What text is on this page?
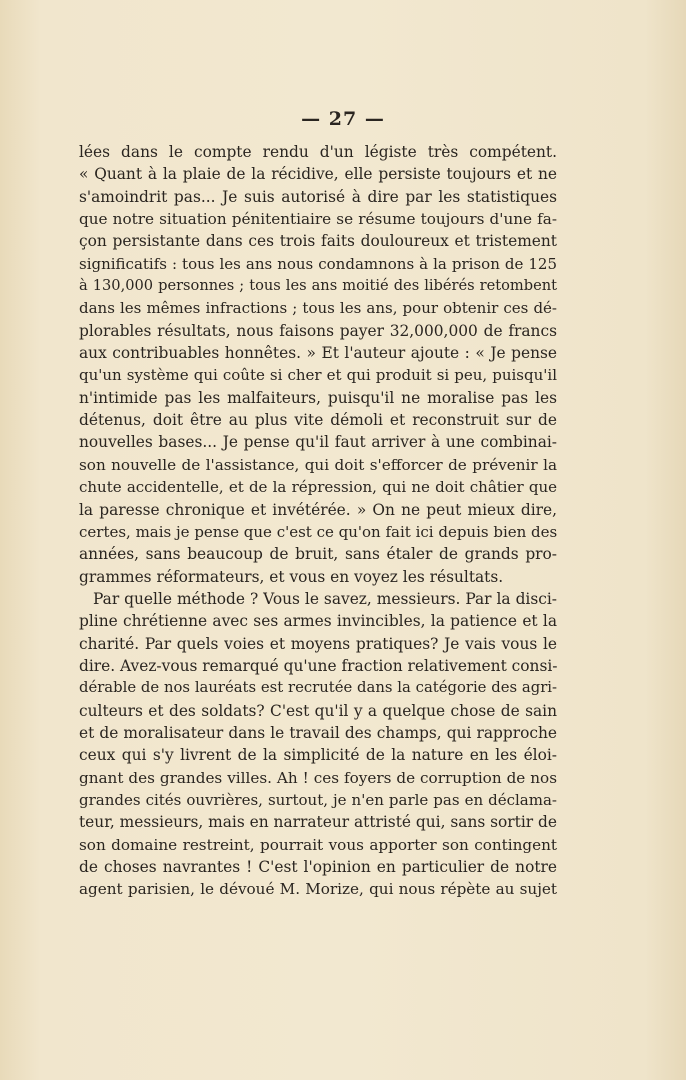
— 27 —
lées dans le compte rendu d'un légiste très compétent.
« Quant à la plaie de la récidive, elle persiste toujours et ne
s'amoindrit pas... Je suis autorisé à dire par les statistiques
que notre situation pénitentiaire se résume toujours d'une fa-
çon persistante dans ces trois faits douloureux et tristement
significatifs : tous les ans nous condamnons à la prison de 125
à 130,000 personnes ; tous les ans moitié des libérés retombent
dans les mêmes infractions ; tous les ans, pour obtenir ces dé-
plorables résultats, nous faisons payer 32,000,000 de francs
aux contribuables honnêtes. » Et l'auteur ajoute : « Je pense
qu'un système qui coûte si cher et qui produit si peu, puisqu'il
n'intimide pas les malfaiteurs, puisqu'il ne moralise pas les
détenus, doit être au plus vite démoli et reconstruit sur de
nouvelles bases... Je pense qu'il faut arriver à une combinai-
son nouvelle de l'assistance, qui doit s'efforcer de prévenir la
chute accidentelle, et de la répression, qui ne doit châtier que
la paresse chronique et invétérée. » On ne peut mieux dire,
certes, mais je pense que c'est ce qu'on fait ici depuis bien des
années, sans beaucoup de bruit, sans étaler de grands pro-
grammes réformateurs, et vous en voyez les résultats.
Par quelle méthode ? Vous le savez, messieurs. Par la disci-
pline chrétienne avec ses armes invincibles, la patience et la
charité. Par quels voies et moyens pratiques? Je vais vous le
dire. Avez-vous remarqué qu'une fraction relativement consi-
dérable de nos lauréats est recrutée dans la catégorie des agri-
culteurs et des soldats? C'est qu'il y a quelque chose de sain
et de moralisateur dans le travail des champs, qui rapproche
ceux qui s'y livrent de la simplicité de la nature en les éloi-
gnant des grandes villes. Ah ! ces foyers de corruption de nos
grandes cités ouvrières, surtout, je n'en parle pas en déclama-
teur, messieurs, mais en narrateur attristé qui, sans sortir de
son domaine restreint, pourrait vous apporter son contingent
de choses navrantes ! C'est l'opinion en particulier de notre
agent parisien, le dévoué M. Morize, qui nous répète au sujet
